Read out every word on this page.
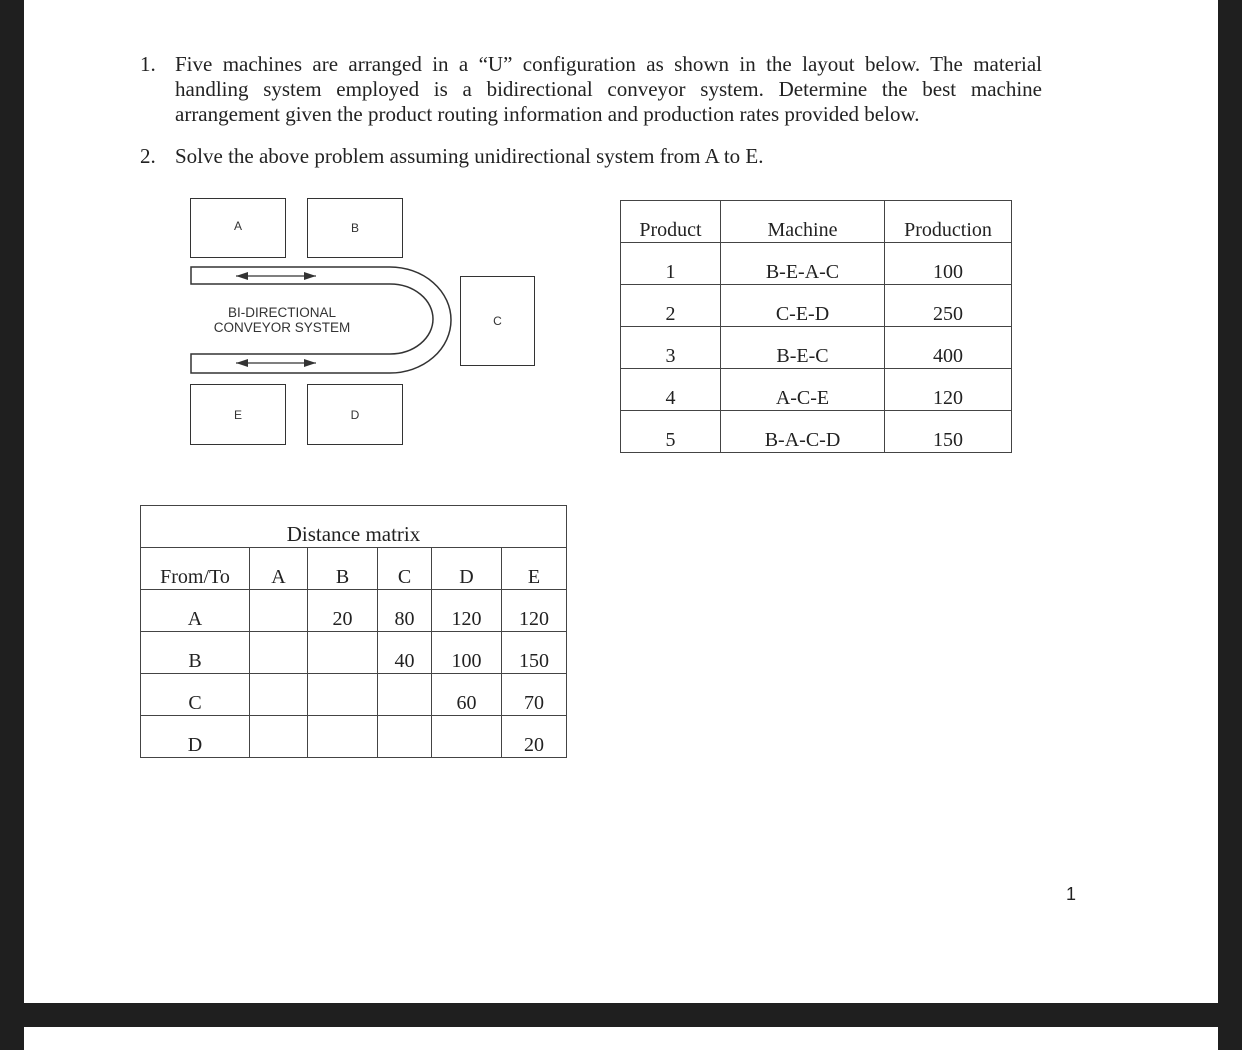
1. Five machines are arranged in a “U” configuration as shown in the layout below. The material handling system employed is a bidirectional conveyor system. Determine the best machine arrangement given the product routing information and production rates provided below.
2. Solve the above problem assuming unidirectional system from A to E.
A	B
C
E	D
BI-DIRECTIONAL
CONVEYOR SYSTEM
Product	Machine	Production
1	B-E-A-C	100
2	C-E-D	250
3	B-E-C	400
4	A-C-E	120
5	B-A-C-D	150
Distance matrix					
From/To	A	B	C	D	E
A		20	80	120	120
B			40	100	150
C				60	70
D					20
1
